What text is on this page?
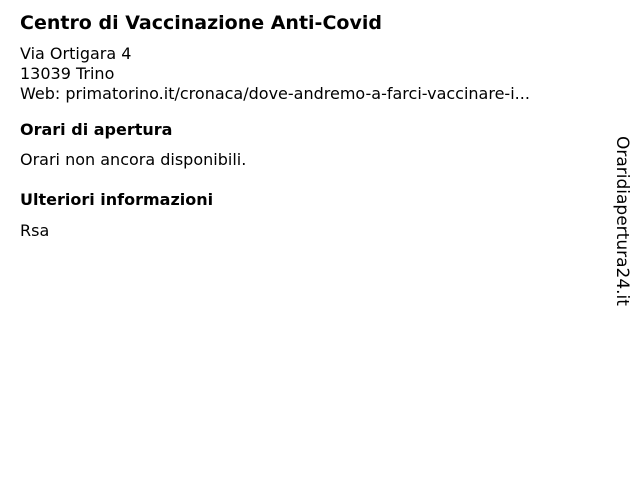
Centro di Vaccinazione Anti-Covid
Via Ortigara 4
13039 Trino
Web: primatorino.it/cronaca/dove-andremo-a-farci-vaccinare-i...
Orari di apertura

Orari non ancora disponibili.

Ulteriori informazioni

Rsa	Oraridiapertura24.it
